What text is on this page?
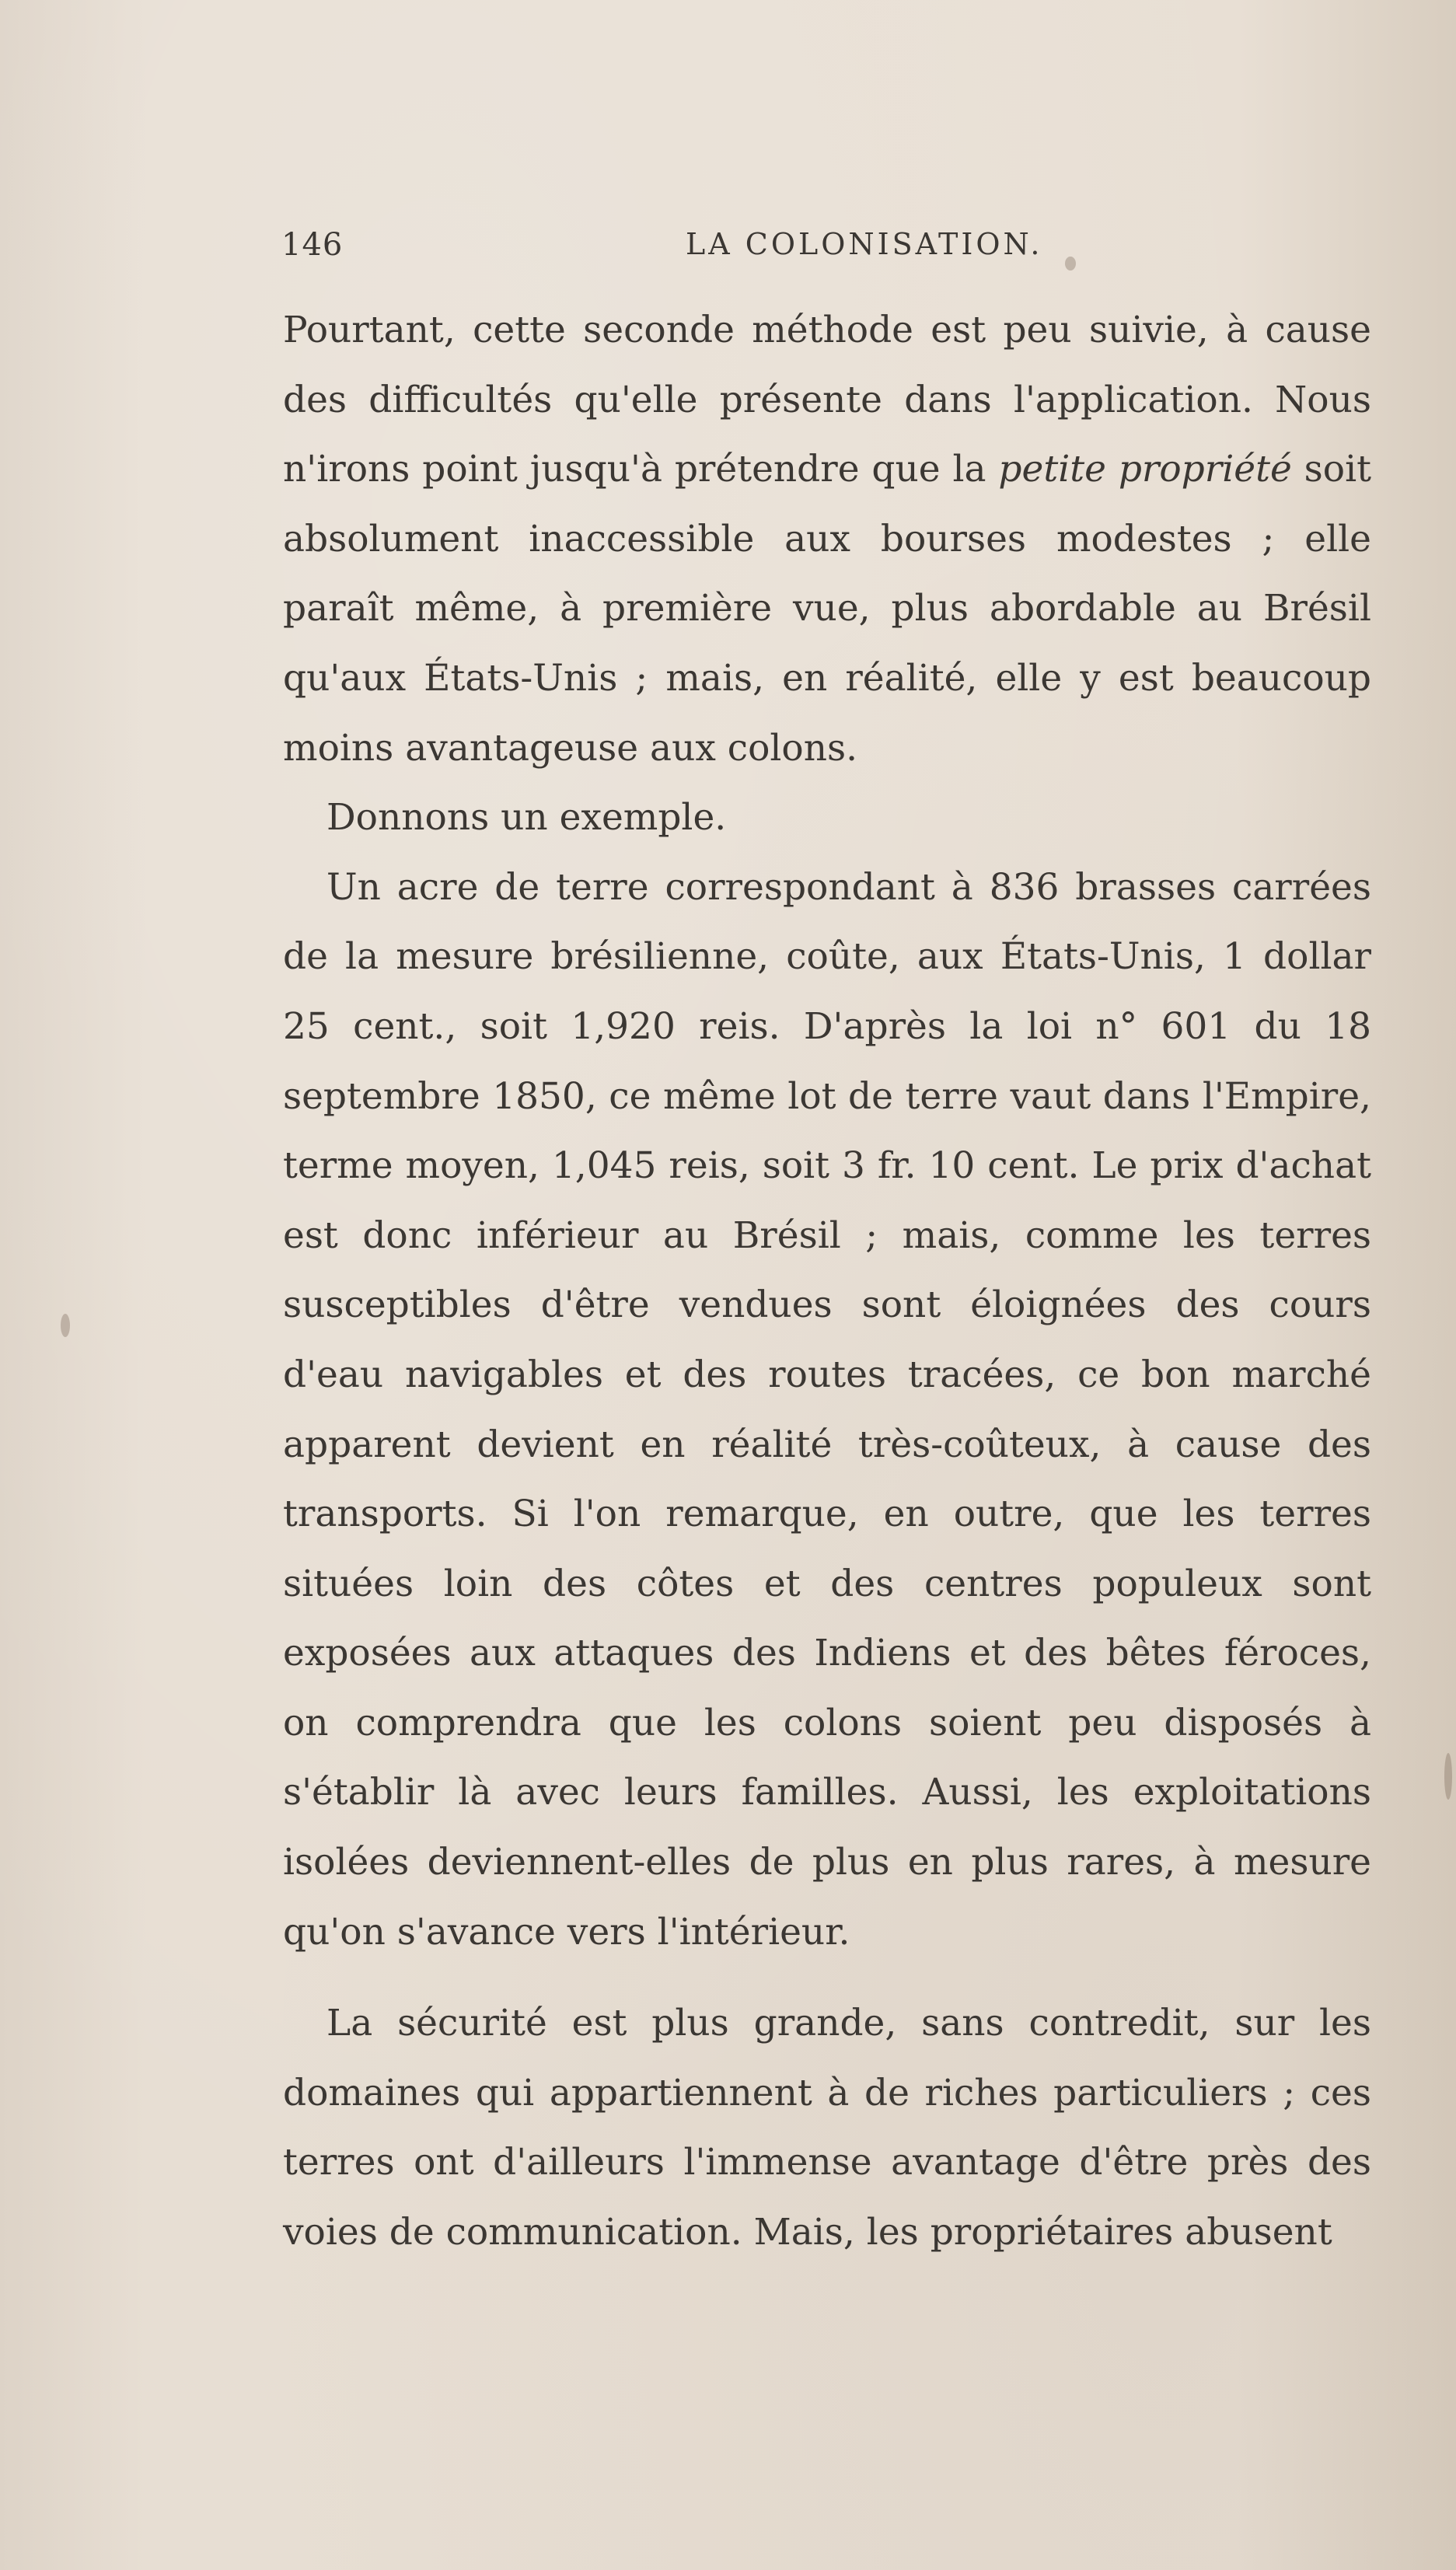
146	LA COLONISATION.

Pourtant, cette seconde méthode est peu suivie, à cause des difficultés qu'elle présente dans l'application. Nous n'irons point jusqu'à prétendre que la petite propriété soit absolument inaccessible aux bourses modestes ; elle paraît même, à première vue, plus abordable au Brésil qu'aux États-Unis ; mais, en réalité, elle y est beaucoup moins avantageuse aux colons.

Donnons un exemple.

Un acre de terre correspondant à 836 brasses carrées de la mesure brésilienne, coûte, aux États-Unis, 1 dollar 25 cent., soit 1,920 reis. D'après la loi n° 601 du 18 septembre 1850, ce même lot de terre vaut dans l'Empire, terme moyen, 1,045 reis, soit 3 fr. 10 cent. Le prix d'achat est donc inférieur au Brésil ; mais, comme les terres susceptibles d'être vendues sont éloignées des cours d'eau navigables et des routes tracées, ce bon marché apparent devient en réalité très-coûteux, à cause des transports. Si l'on remarque, en outre, que les terres situées loin des côtes et des centres populeux sont exposées aux attaques des Indiens et des bêtes féroces, on comprendra que les colons soient peu disposés à s'établir là avec leurs familles. Aussi, les exploitations isolées deviennent-elles de plus en plus rares, à mesure qu'on s'avance vers l'intérieur.

La sécurité est plus grande, sans contredit, sur les domaines qui appartiennent à de riches particuliers ; ces terres ont d'ailleurs l'immense avantage d'être près des voies de communication. Mais, les propriétaires abusent
